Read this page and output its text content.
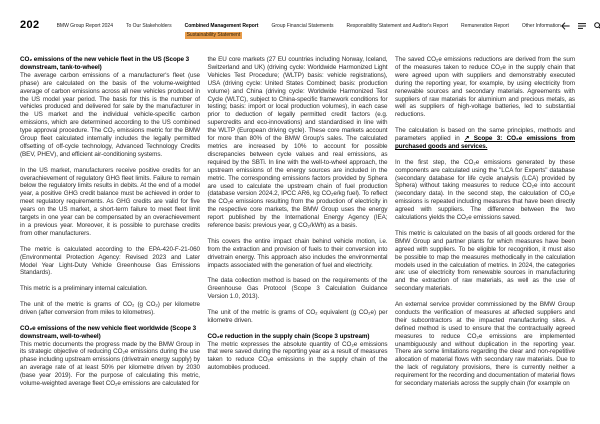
202	BMW Group Report 2024	To Our Stakeholders	Combined Management Report
Sustainability Statement
Group Financial Statements	Responsibility Statement and Auditor's Report	Remuneration Report	Other Information
CO₂ emissions of the new vehicle fleet in the US (Scope 3 downstream, tank-to-wheel)

The average carbon emissions of a manufacturer's fleet (use phase) are calculated on the basis of the volume-weighted average of carbon emissions across all new vehicles produced in the US model year period. The basis for this is the number of vehicles produced and delivered for sale by the manufacturer in the US market and the individual vehicle-specific carbon emissions, which are determined according to the US combined type approval procedure. The CO₂ emissions metric for the BMW Group fleet calculated internally includes the legally permitted offsetting of off-cycle technology, Advanced Technology Credits (BEV, PHEV), and efficient air-conditioning systems.

In the US market, manufacturers receive positive credits for an overachievement of regulatory GHG fleet limits. Failure to remain below the regulatory limits results in debits. At the end of a model year, a positive GHG credit balance must be achieved in order to meet regulatory requirements. As GHG credits are valid for five years on the US market, a short-term failure to meet fleet limit targets in one year can be compensated by an overachievement in a previous year. Moreover, it is possible to purchase credits from other manufacturers.

The metric is calculated according to the EPA-420-F-21-060 (Environmental Protection Agency: Revised 2023 and Later Model Year Light-Duty Vehicle Greenhouse Gas Emissions Standards).

This metric is a preliminary internal calculation.

The unit of the metric is grams of CO₂ (g CO₂) per kilometre driven (after conversion from miles to kilometres).

CO₂e emissions of the new vehicle fleet worldwide (Scope 3 downstream, well-to-wheel)

This metric documents the progress made by the BMW Group in its strategic objective of reducing CO₂e emissions during the use phase including upstream emissions (drivetrain energy supply) by an average rate of at least 50% per kilometre driven by 2030 (base year 2019). For the purpose of calculating this metric, volume-weighted average fleet CO₂e emissions are calculated for

the EU core markets (27 EU countries including Norway, Iceland, Switzerland and UK) (driving cycle: Worldwide Harmonized Light Vehicles Test Procedure; (WLTP) basis: vehicle registrations), USA (driving cycle: United States Combined; basis: production volume) and China (driving cycle: Worldwide Harmonized Test Cycle (WLTC), subject to China-specific framework conditions for testing; basis: import or local production volumes), in each case prior to deduction of legally permitted credit factors (e.g. supercredits and eco-innovations) and standardised in line with the WLTP (European driving cycle). These core markets account for more than 80% of the BMW Group's sales. The calculated metrics are increased by 10% to account for possible discrepancies between cycle values and real emissions, as required by the SBTi. In line with the well-to-wheel approach, the upstream emissions of the energy sources are included in the metric. The corresponding emissions factors provided by Sphera are used to calculate the upstream chain of fuel production (database version 2024.2, IPCC AR6, kg CO₂e/kg fuel). To reflect the CO₂e emissions resulting from the production of electricity in the respective core markets, the BMW Group uses the energy report published by the International Energy Agency (IEA; reference basis: previous year, g CO₂/kWh) as a basis.

This covers the entire impact chain behind vehicle motion, i.e. from the extraction and provision of fuels to their conversion into drivetrain energy. This approach also includes the environmental impacts associated with the generation of fuel and electricity.

The data collection method is based on the requirements of the Greenhouse Gas Protocol (Scope 3 Calculation Guidance Version 1.0, 2013).

The unit of the metric is grams of CO₂ equivalent (g CO₂e) per kilometre driven.

CO₂e reduction in the supply chain (Scope 3 upstream)

The metric expresses the absolute quantity of CO₂e emissions that were saved during the reporting year as a result of measures taken to reduce CO₂e emissions in the supply chain of the automobiles produced.

The saved CO₂e emissions reductions are derived from the sum of the measures taken to reduce CO₂e in the supply chain that were agreed upon with suppliers and demonstrably executed during the reporting year, for example, by using electricity from renewable sources and secondary materials. Agreements with suppliers of raw materials for aluminium and precious metals, as well as suppliers of high-voltage batteries, led to substantial reductions.

The calculation is based on the same principles, methods and parameters applied in ↗ Scope 3: CO₂e emissions from purchased goods and services.

In the first step, the CO₂e emissions generated by these components are calculated using the "LCA for Experts" database (secondary database for life cycle analysis (LCA) provided by Sphera) without taking measures to reduce CO₂e into account (secondary data). In the second step, the calculation of CO₂e emissions is repeated including measures that have been directly agreed with suppliers. The difference between the two calculations yields the CO₂e emissions saved.

This metric is calculated on the basis of all goods ordered for the BMW Group and partner plants for which measures have been agreed with suppliers. To be eligible for recognition, it must also be possible to map the measures methodically in the calculation models used in the calculation of metrics. In 2024, the categories are: use of electricity from renewable sources in manufacturing and the extraction of raw materials, as well as the use of secondary materials.

An external service provider commissioned by the BMW Group conducts the verification of measures at affected suppliers and their subcontractors at the impacted manufacturing sites. A defined method is used to ensure that the contractually agreed measures to reduce CO₂e emissions are implemented unambiguously and without duplication in the reporting year. There are some limitations regarding the clear and non-repetitive allocation of material flows with secondary raw materials. Due to the lack of regulatory provisions, there is currently neither a requirement for the recording and documentation of material flows for secondary materials across the supply chain (for example on
